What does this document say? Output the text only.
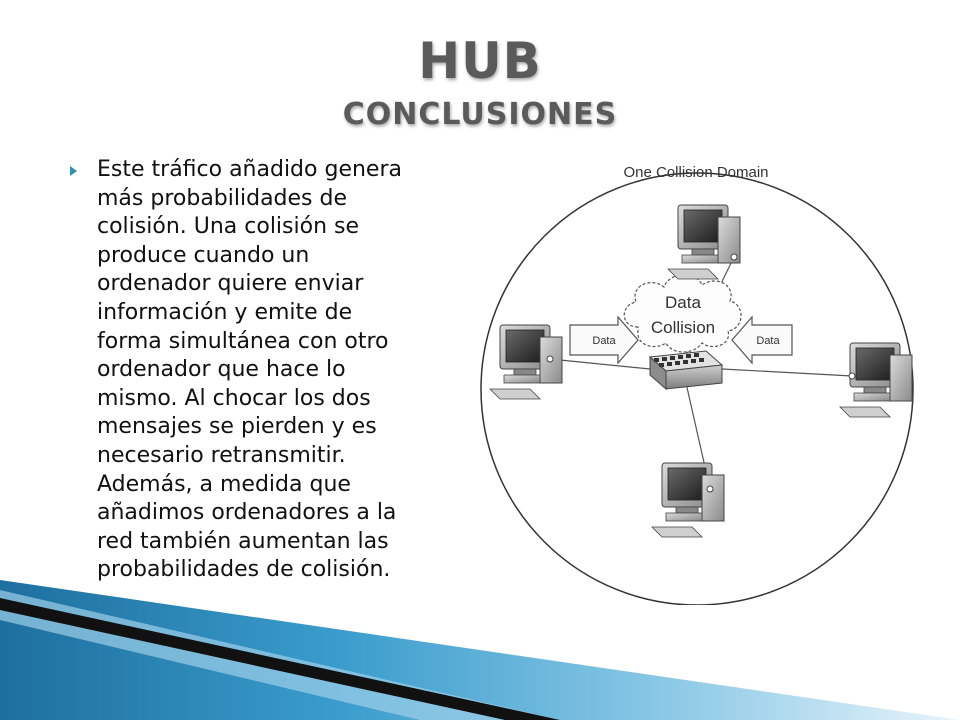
HUB
CONCLUSIONES

Este tráfico añadido genera
más probabilidades de
colisión. Una colisión se
produce cuando un
ordenador quiere enviar
información y emite de
forma simultánea con otro
ordenador que hace lo
mismo. Al chocar los dos
mensajes se pierden y es
necesario retransmitir.
Además, a medida que
añadimos ordenadores a la
red también aumentan las
probabilidades de colisión.

One Collision Domain
Data	Data
Data
Collision
